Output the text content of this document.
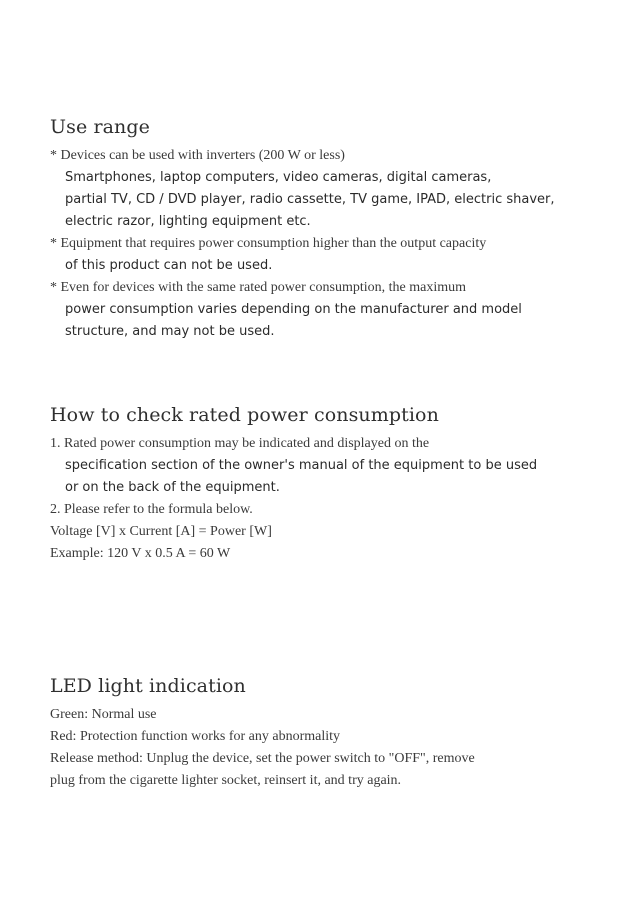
Use range
* Devices can be used with inverters (200 W or less)
Smartphones, laptop computers, video cameras, digital cameras,
partial TV, CD / DVD player, radio cassette, TV game, IPAD, electric shaver,
electric razor, lighting equipment etc.
* Equipment that requires power consumption higher than the output capacity
of this product can not be used.
* Even for devices with the same rated power consumption, the maximum
power consumption varies depending on the manufacturer and model
structure, and may not be used.
How to check rated power consumption
1. Rated power consumption may be indicated and displayed on the
specification section of the owner's manual of the equipment to be used
or on the back of the equipment.
2. Please refer to the formula below.
Voltage [V] x Current [A] = Power [W]
Example: 120 V x 0.5 A = 60 W
LED light indication
Green: Normal use
Red: Protection function works for any abnormality
Release method: Unplug the device, set the power switch to "OFF", remove
plug from the cigarette lighter socket, reinsert it, and try again.
